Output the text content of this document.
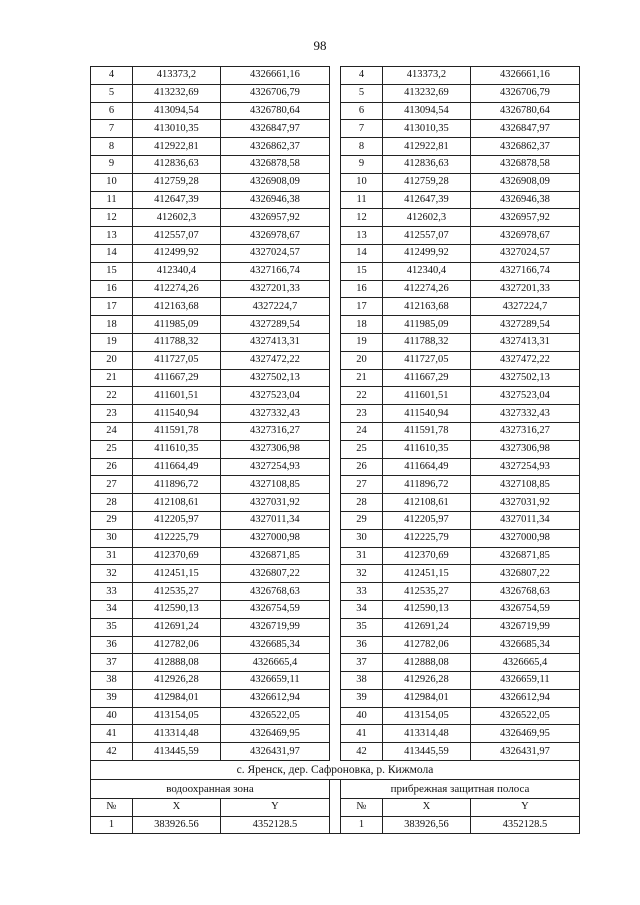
98
4	413373,2	4326661,16
5	413232,69	4326706,79
6	413094,54	4326780,64
7	413010,35	4326847,97
8	412922,81	4326862,37
9	412836,63	4326878,58
10	412759,28	4326908,09
11	412647,39	4326946,38
12	412602,3	4326957,92
13	412557,07	4326978,67
14	412499,92	4327024,57
15	412340,4	4327166,74
16	412274,26	4327201,33
17	412163,68	4327224,7
18	411985,09	4327289,54
19	411788,32	4327413,31
20	411727,05	4327472,22
21	411667,29	4327502,13
22	411601,51	4327523,04
23	411540,94	4327332,43
24	411591,78	4327316,27
25	411610,35	4327306,98
26	411664,49	4327254,93
27	411896,72	4327108,85
28	412108,61	4327031,92
29	412205,97	4327011,34
30	412225,79	4327000,98
31	412370,69	4326871,85
32	412451,15	4326807,22
33	412535,27	4326768,63
34	412590,13	4326754,59
35	412691,24	4326719,99
36	412782,06	4326685,34
37	412888,08	4326665,4
38	412926,28	4326659,11
39	412984,01	4326612,94
40	413154,05	4326522,05
41	413314,48	4326469,95
42	413445,59	4326431,97
4	413373,2	4326661,16
5	413232,69	4326706,79
6	413094,54	4326780,64
7	413010,35	4326847,97
8	412922,81	4326862,37
9	412836,63	4326878,58
10	412759,28	4326908,09
11	412647,39	4326946,38
12	412602,3	4326957,92
13	412557,07	4326978,67
14	412499,92	4327024,57
15	412340,4	4327166,74
16	412274,26	4327201,33
17	412163,68	4327224,7
18	411985,09	4327289,54
19	411788,32	4327413,31
20	411727,05	4327472,22
21	411667,29	4327502,13
22	411601,51	4327523,04
23	411540,94	4327332,43
24	411591,78	4327316,27
25	411610,35	4327306,98
26	411664,49	4327254,93
27	411896,72	4327108,85
28	412108,61	4327031,92
29	412205,97	4327011,34
30	412225,79	4327000,98
31	412370,69	4326871,85
32	412451,15	4326807,22
33	412535,27	4326768,63
34	412590,13	4326754,59
35	412691,24	4326719,99
36	412782,06	4326685,34
37	412888,08	4326665,4
38	412926,28	4326659,11
39	412984,01	4326612,94
40	413154,05	4326522,05
41	413314,48	4326469,95
42	413445,59	4326431,97
с. Яренск, дер. Сафроновка, р. Кижмола
водоохранная зона
№	X	Y
1	383926.56	4352128.5
прибрежная защитная полоса
№	X	Y
1	383926,56	4352128.5
